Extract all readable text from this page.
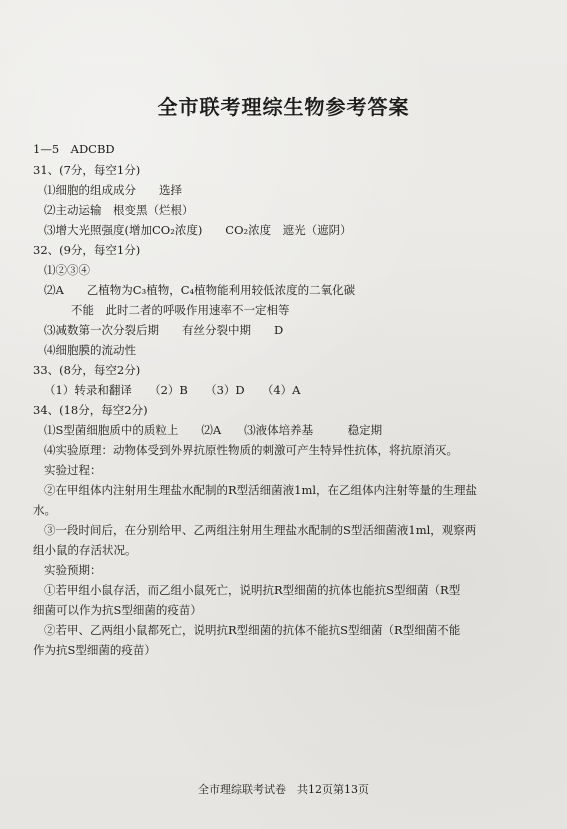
全市联考理综生物参考答案
1—5　ADCBD
31、(7分，每空1分)
⑴细胞的组成成分　　选择
⑵主动运输　根变黑（烂根）
⑶增大光照强度(增加CO₂浓度)　　CO₂浓度　遮光（遮阴）
32、(9分，每空1分)
⑴②③④
⑵A　　乙植物为C₃植物，C₄植物能利用较低浓度的二氧化碳
不能　此时二者的呼吸作用速率不一定相等
⑶减数第一次分裂后期　　有丝分裂中期　　D
⑷细胞膜的流动性
33、(8分，每空2分)
（1）转录和翻译　　（2）B　　（3）D　　（4）A
34、(18分，每空2分)
⑴S型菌细胞质中的质粒上　　⑵A　　⑶液体培养基　　　稳定期
⑷实验原理：动物体受到外界抗原性物质的刺激可产生特异性抗体，将抗原消灭。
实验过程：
②在甲组体内注射用生理盐水配制的R型活细菌液1ml，在乙组体内注射等量的生理盐
水。
③一段时间后，在分别给甲、乙两组注射用生理盐水配制的S型活细菌液1ml，观察两
组小鼠的存活状况。
实验预期：
①若甲组小鼠存活，而乙组小鼠死亡，说明抗R型细菌的抗体也能抗S型细菌（R型
细菌可以作为抗S型细菌的疫苗）
②若甲、乙两组小鼠都死亡，说明抗R型细菌的抗体不能抗S型细菌（R型细菌不能
作为抗S型细菌的疫苗）
全市理综联考试卷　共12页第13页
